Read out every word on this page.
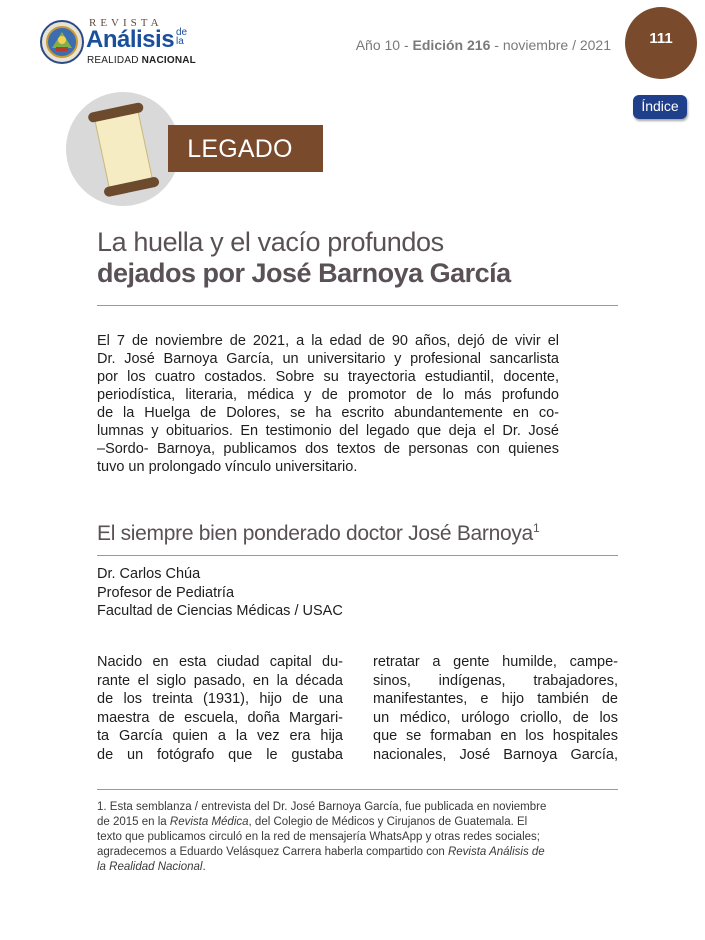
REVISTA
Análisis de la
REALIDAD NACIONAL
Año 10 - Edición 216 - noviembre / 2021	111
Índice
LEGADO
La huella y el vacío profundos
dejados por José Barnoya García
El 7 de noviembre de 2021, a la edad de 90 años, dejó de vivir el
Dr. José Barnoya García, un universitario y profesional sancarlista
por los cuatro costados. Sobre su trayectoria estudiantil, docente,
periodística, literaria, médica y de promotor de lo más profundo
de la Huelga de Dolores, se ha escrito abundantemente en co-
lumnas y obituarios. En testimonio del legado que deja el Dr. José
–Sordo- Barnoya, publicamos dos textos de personas con quienes
tuvo un prolongado vínculo universitario.
El siempre bien ponderado doctor José Barnoya$^1$
Dr. Carlos Chúa
Profesor de Pediatría
Facultad de Ciencias Médicas / USAC
Nacido en esta ciudad capital du-
rante el siglo pasado, en la década
de los treinta (1931), hijo de una
maestra de escuela, doña Margari-
ta García quien a la vez era hija
de un fotógrafo que le gustaba
retratar a gente humilde, campe-
sinos, indígenas, trabajadores,
manifestantes, e hijo también de
un médico, urólogo criollo, de los
que se formaban en los hospitales
nacionales, José Barnoya García,
1. Esta semblanza / entrevista del Dr. José Barnoya García, fue publicada en noviembre
de 2015 en la Revista Médica, del Colegio de Médicos y Cirujanos de Guatemala. El
texto que publicamos circuló en la red de mensajería WhatsApp y otras redes sociales;
agradecemos a Eduardo Velásquez Carrera haberla compartido con Revista Análisis de
la Realidad Nacional.
